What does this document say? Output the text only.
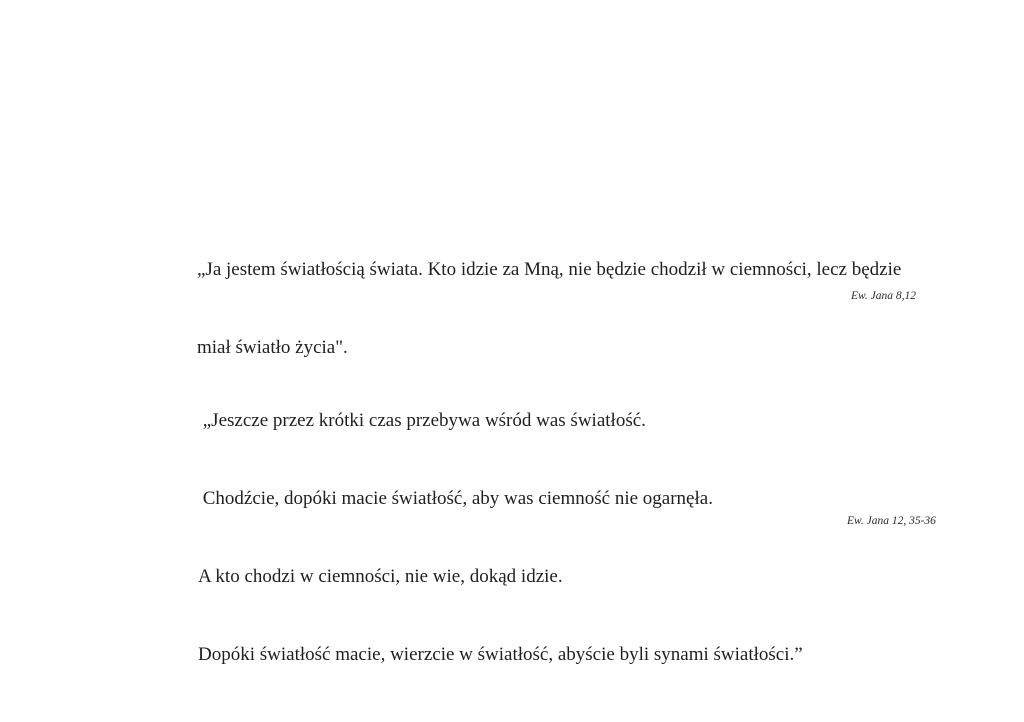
„Ja jestem światłością świata. Kto idzie za Mną, nie będzie chodził w ciemności, lecz będzie

miał światło życia".

Ew. Jana 8,12

„Jeszcze przez krótki czas przebywa wśród was światłość.

Chodźcie, dopóki macie światłość, aby was ciemność nie ogarnęła.

A kto chodzi w ciemności, nie wie, dokąd idzie.

Dopóki światłość macie, wierzcie w światłość, abyście byli synami światłości.”

Ew. Jana 12, 35-36
